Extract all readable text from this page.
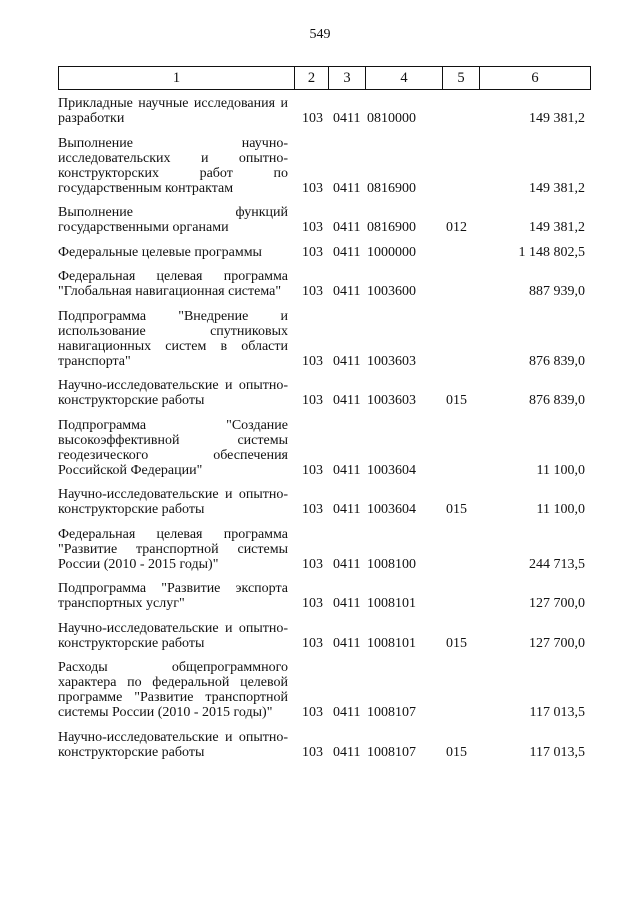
549
1	2	3	4	5	6
Прикладные научные исследования и разработки	103	0411	0810000		149 381,2
Выполнение научно-исследовательских и опытно-конструкторских работ по государственным контрактам	103	0411	0816900		149 381,2
Выполнение функций государственными органами	103	0411	0816900	012	149 381,2
Федеральные целевые программы	103	0411	1000000		1 148 802,5
Федеральная целевая программа "Глобальная навигационная система"	103	0411	1003600		887 939,0
Подпрограмма "Внедрение и использование спутниковых навигационных систем в области транспорта"	103	0411	1003603		876 839,0
Научно-исследовательские и опытно-конструкторские работы	103	0411	1003603	015	876 839,0
Подпрограмма "Создание высокоэффективной системы геодезического обеспечения Российской Федерации"	103	0411	1003604		11 100,0
Научно-исследовательские и опытно-конструкторские работы	103	0411	1003604	015	11 100,0
Федеральная целевая программа "Развитие транспортной системы России (2010 - 2015 годы)"	103	0411	1008100		244 713,5
Подпрограмма "Развитие экспорта транспортных услуг"	103	0411	1008101		127 700,0
Научно-исследовательские и опытно-конструкторские работы	103	0411	1008101	015	127 700,0
Расходы общепрограммного характера по федеральной целевой программе "Развитие транспортной системы России (2010 - 2015 годы)"	103	0411	1008107		117 013,5
Научно-исследовательские и опытно-конструкторские работы	103	0411	1008107	015	117 013,5
